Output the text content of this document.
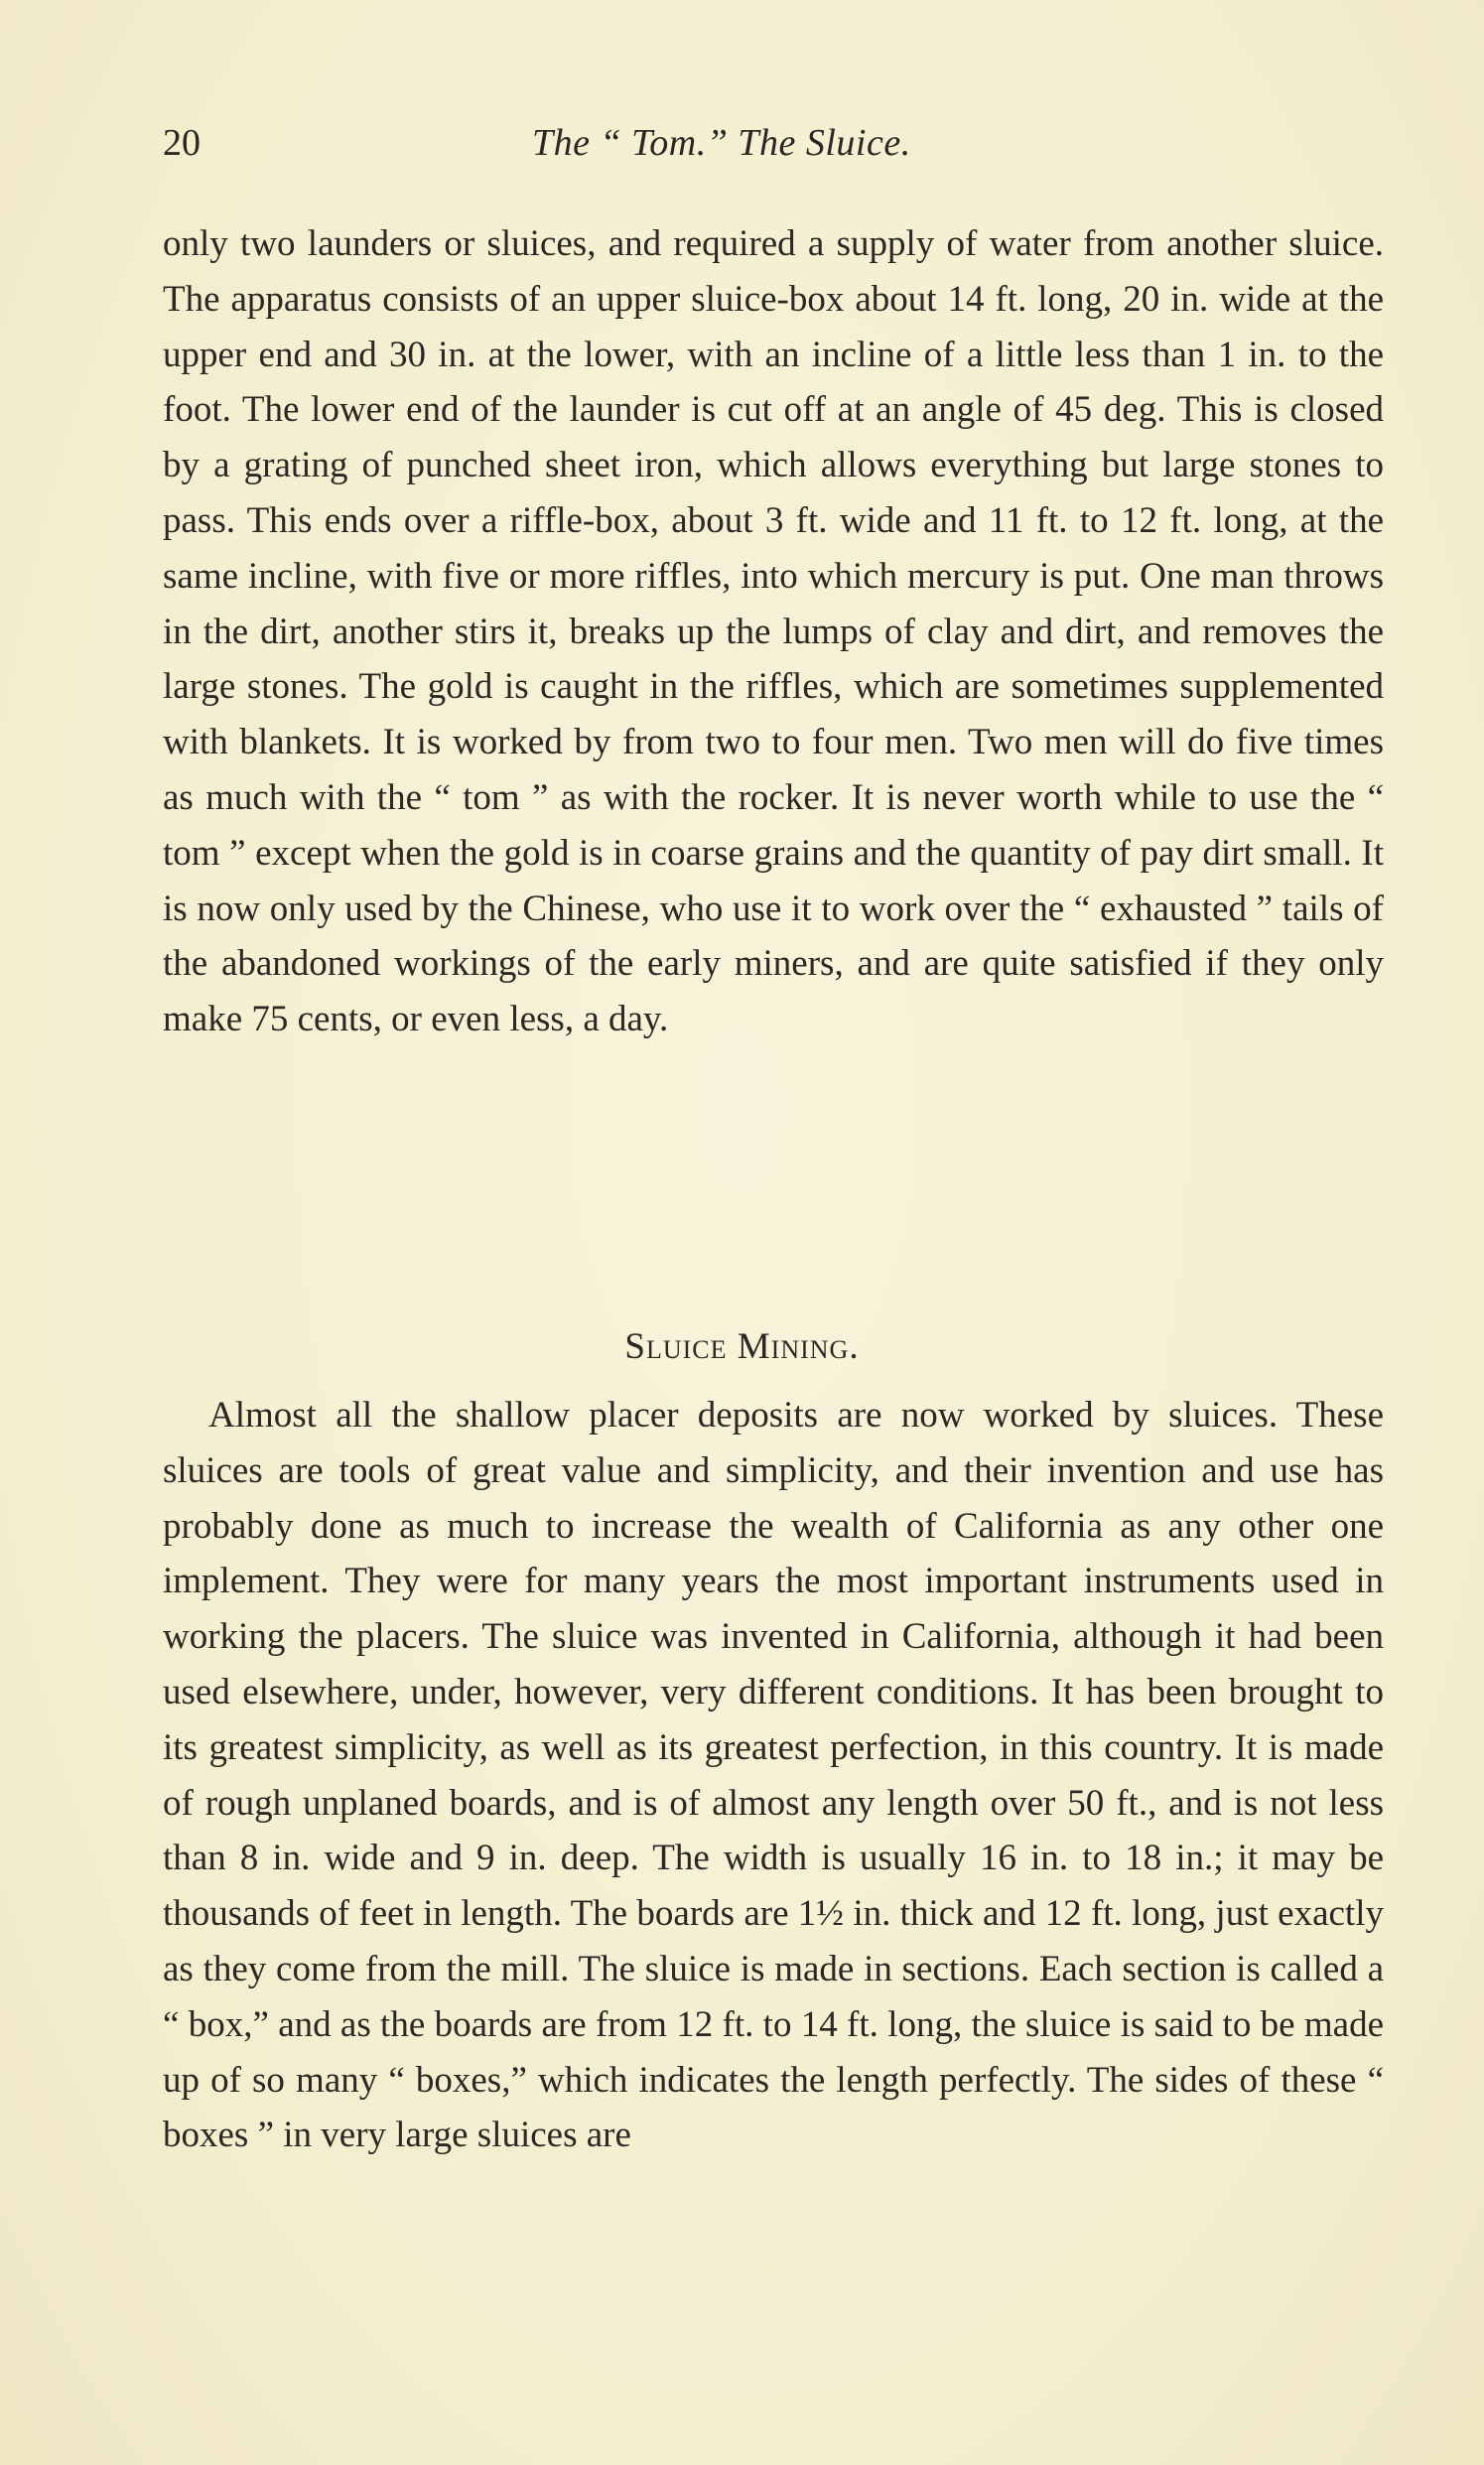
20	The “ Tom.” The Sluice.

only two launders or sluices, and required a supply of water from another sluice. The apparatus consists of an upper sluice-box about 14 ft. long, 20 in. wide at the upper end and 30 in. at the lower, with an incline of a little less than 1 in. to the foot. The lower end of the launder is cut off at an angle of 45 deg. This is closed by a grating of punched sheet iron, which allows everything but large stones to pass. This ends over a riffle-box, about 3 ft. wide and 11 ft. to 12 ft. long, at the same incline, with five or more riffles, into which mercury is put. One man throws in the dirt, another stirs it, breaks up the lumps of clay and dirt, and removes the large stones. The gold is caught in the riffles, which are sometimes supplemented with blankets. It is worked by from two to four men. Two men will do five times as much with the “ tom ” as with the rocker. It is never worth while to use the “ tom ” except when the gold is in coarse grains and the quantity of pay dirt small. It is now only used by the Chinese, who use it to work over the “ exhausted ” tails of the abandoned workings of the early miners, and are quite satisfied if they only make 75 cents, or even less, a day.

Sluice Mining.

Almost all the shallow placer deposits are now worked by sluices. These sluices are tools of great value and simplicity, and their invention and use has probably done as much to increase the wealth of California as any other one implement. They were for many years the most important instruments used in working the placers. The sluice was invented in California, although it had been used elsewhere, under, however, very different conditions. It has been brought to its greatest simplicity, as well as its greatest perfection, in this country. It is made of rough unplaned boards, and is of almost any length over 50 ft., and is not less than 8 in. wide and 9 in. deep. The width is usually 16 in. to 18 in.; it may be thousands of feet in length. The boards are 1½ in. thick and 12 ft. long, just exactly as they come from the mill. The sluice is made in sections. Each section is called a “ box,” and as the boards are from 12 ft. to 14 ft. long, the sluice is said to be made up of so many “ boxes,” which indicates the length perfectly. The sides of these “ boxes ” in very large sluices are
